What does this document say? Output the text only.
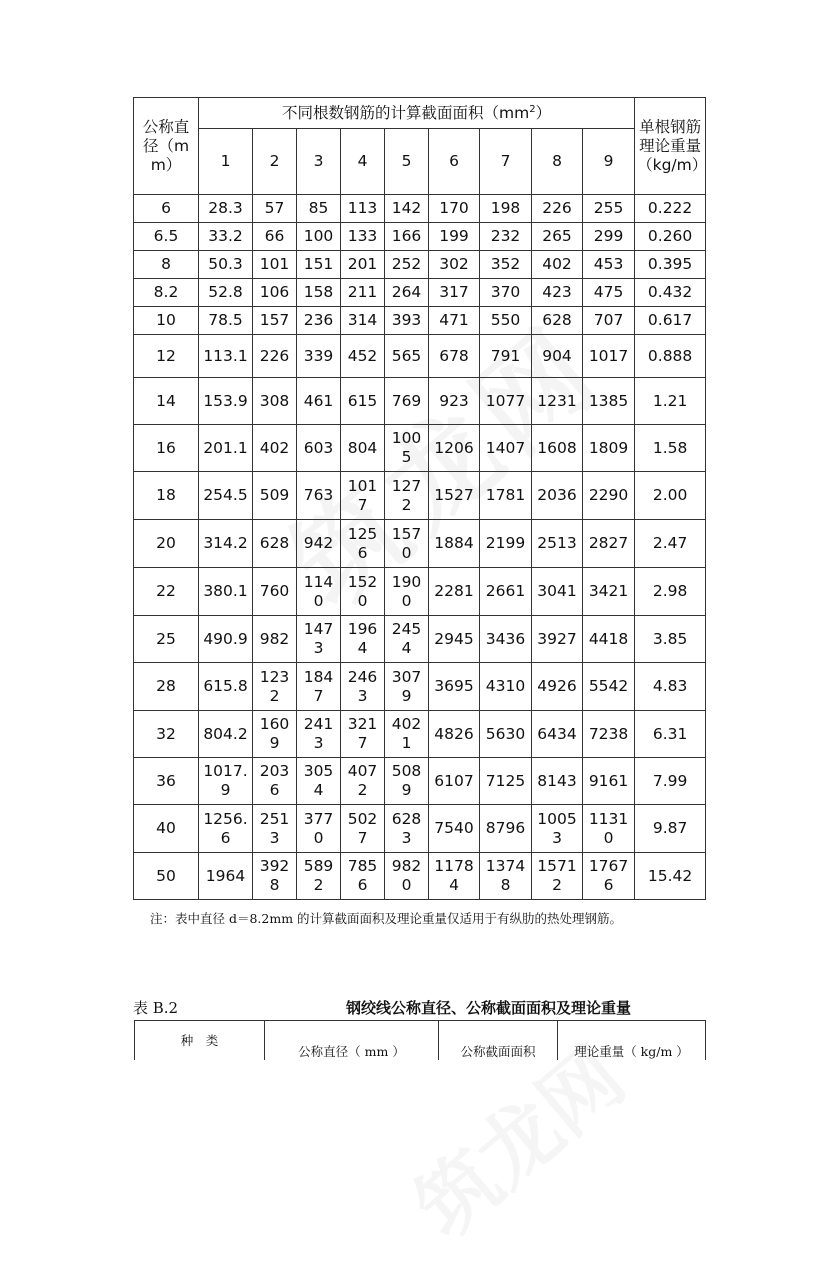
公称直径（mm）	不同根数钢筋的计算截面面积$(mm^2)$									单根钢筋理论重量（kg/m）
	1	2	3	4	5	6	7	8	9	
6	28.3	57	85	113	142	170	198	226	255	0.222
6.5	33.2	66	100	133	166	199	232	265	299	0.260
8	50.3	101	151	201	252	302	352	402	453	0.395
8.2	52.8	106	158	211	264	317	370	423	475	0.432
10	78.5	157	236	314	393	471	550	628	707	0.617
12	113.1	226	339	452	565	678	791	904	1017	0.888
14	153.9	308	461	615	769	923	1077	1231	1385	1.21
16	201.1	402	603	804	1005	1206	1407	1608	1809	1.58
18	254.5	509	763	1017	1272	1527	1781	2036	2290	2.00
20	314.2	628	942	1256	1570	1884	2199	2513	2827	2.47
22	380.1	760	1140	1520	1900	2281	2661	3041	3421	2.98
25	490.9	982	1473	1964	2454	2945	3436	3927	4418	3.85
28	615.8	1232	1847	2463	3079	3695	4310	4926	5542	4.83
32	804.2	1609	2413	3217	4021	4826	5630	6434	7238	6.31
36	1017.9	2036	3054	4072	5089	6107	7125	8143	9161	7.99
40	1256.6	2513	3770	5027	6283	7540	8796	10053	11310	9.87
50	1964	3928	5892	7856	9820	11784	13748	15712	17676	15.42
注：表中直径 d＝8.2mm 的计算截面面积及理论重量仅适用于有纵肋的热处理钢筋。
表 B.2	钢绞线公称直径、公称截面面积及理论重量
种　类	公称直径（ mm ）	公称截面面积	理论重量（ kg/m ）
